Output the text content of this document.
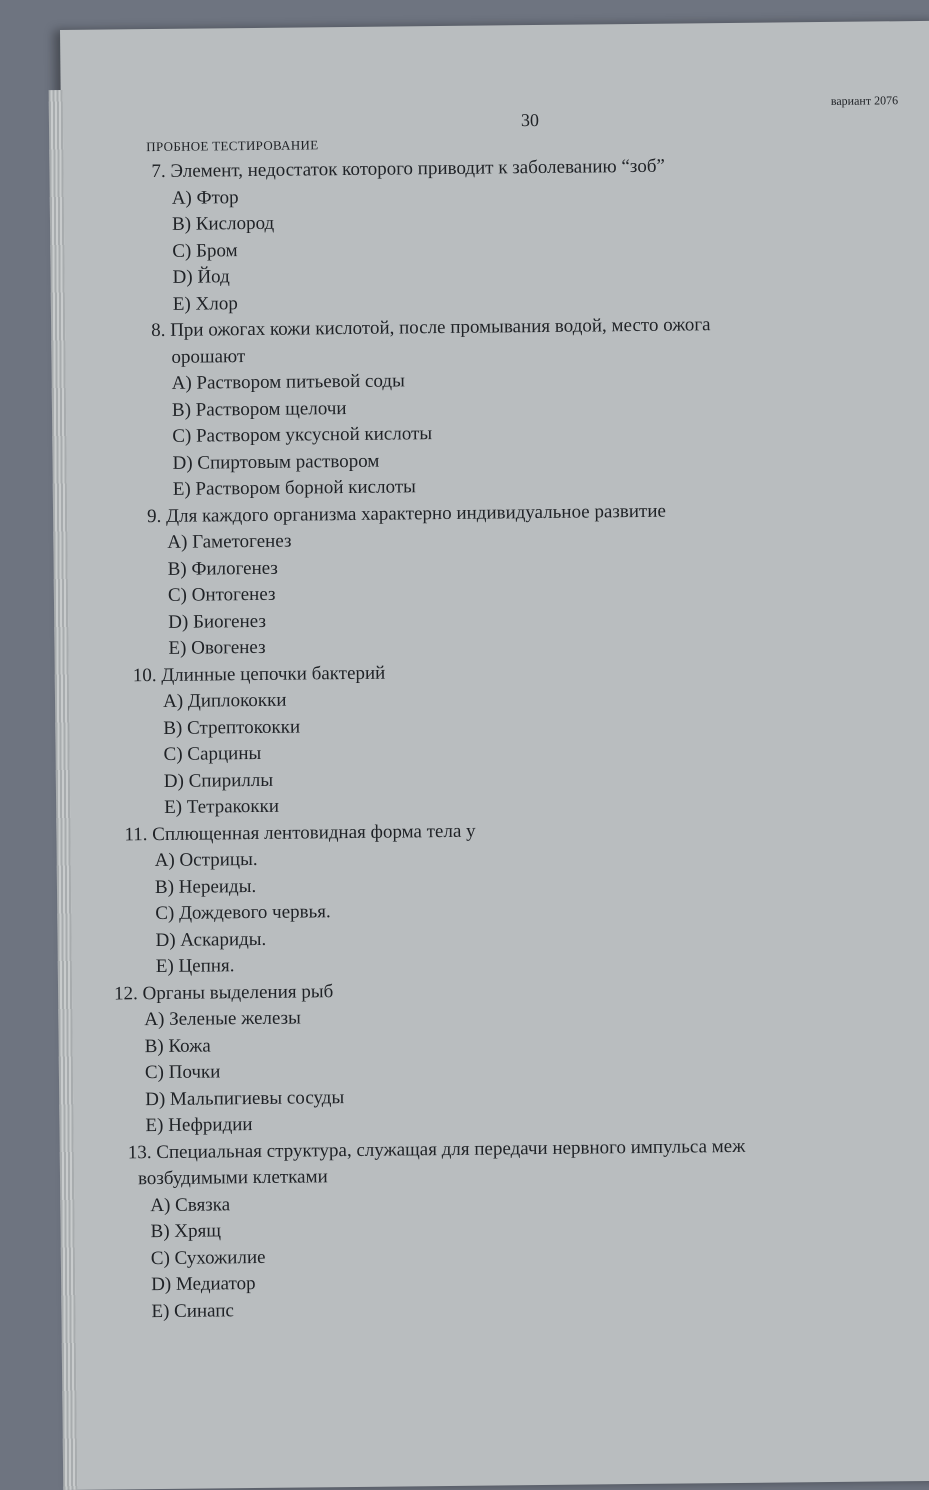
30
вариант 2076
ПРОБНОЕ ТЕСТИРОВАНИЕ
7. Элемент, недостаток которого приводит к заболеванию “зоб”
A) Фтор
B) Кислород
C) Бром
D) Йод
E) Хлор
8. При ожогах кожи кислотой, после промывания водой, место ожога
орошают
A) Раствором питьевой соды
B) Раствором щелочи
C) Раствором уксусной кислоты
D) Спиртовым раствором
E) Раствором борной кислоты
9. Для каждого организма характерно индивидуальное развитие
A) Гаметогенез
B) Филогенез
C) Онтогенез
D) Биогенез
E) Овогенез
10. Длинные цепочки бактерий
A) Диплококки
B) Стрептококки
C) Сарцины
D) Спириллы
E) Тетракокки
11. Сплющенная лентовидная форма тела у
A) Острицы.
B) Нереиды.
C) Дождевого червья.
D) Аскариды.
E) Цепня.
12. Органы выделения рыб
A) Зеленые железы
B) Кожа
C) Почки
D) Мальпигиевы сосуды
E) Нефридии
13. Специальная структура, служащая для передачи нервного импульса меж
возбудимыми клетками
A) Связка
B) Хрящ
C) Сухожилие
D) Медиатор
E) Синапс
